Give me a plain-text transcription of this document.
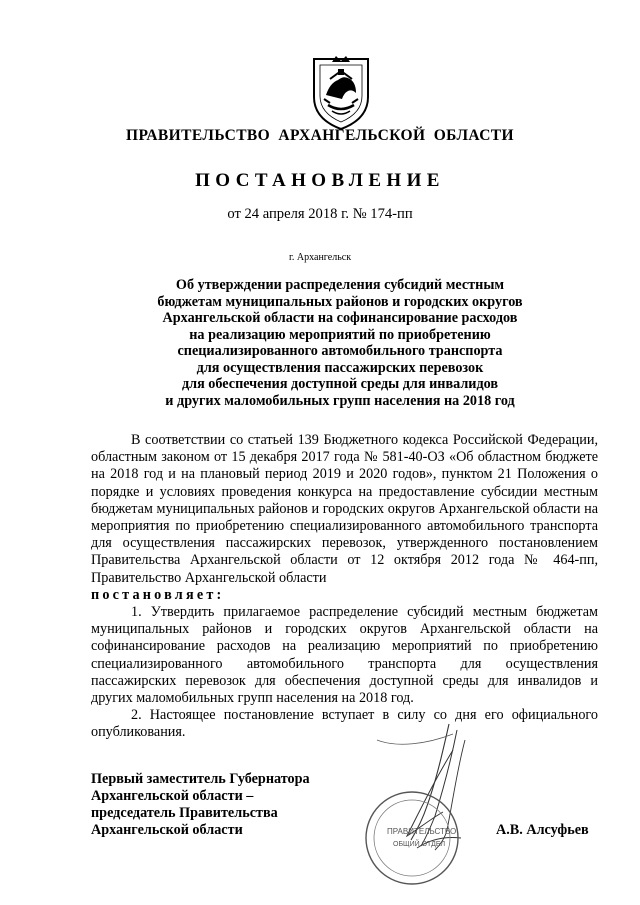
ПРАВИТЕЛЬСТВО АРХАНГЕЛЬСКОЙ ОБЛАСТИ
ПОСТАНОВЛЕНИЕ
от 24 апреля 2018 г. № 174-пп
г. Архангельск
Об утверждении распределения субсидий местным
бюджетам муниципальных районов и городских округов
Архангельской области на софинансирование расходов
на реализацию мероприятий по приобретению
специализированного автомобильного транспорта
для осуществления пассажирских перевозок
для обеспечения доступной среды для инвалидов
и других маломобильных групп населения на 2018 год

В соответствии со статьей 139 Бюджетного кодекса Российской Федерации, областным законом от 15 декабря 2017 года № 581-40-ОЗ «Об областном бюджете на 2018 год и на плановый период 2019 и 2020 годов», пунктом 21 Положения о порядке и условиях проведения конкурса на предоставление субсидии местным бюджетам муниципальных районов и городских округов Архангельской области на мероприятия по приобретению специализированного автомобильного транспорта для осуществления пассажирских перевозок, утвержденного постановлением Правительства Архангельской области от 12 октября 2012 года № 464-пп, Правительство Архангельской области
постановляет:

1. Утвердить прилагаемое распределение субсидий местным бюджетам муниципальных районов и городских округов Архангельской области на софинансирование расходов на реализацию мероприятий по приобретению специализированного автомобильного транспорта для осуществления пассажирских перевозок для обеспечения доступной среды для инвалидов и других маломобильных групп населения на 2018 год.

2. Настоящее постановление вступает в силу со дня его официального опубликования.

Первый заместитель Губернатора
Архангельской области –
председатель Правительства
Архангельской области	ПРАВИТЕЛЬСТВО
ОБЩИЙ ОТДЕЛ
А.В. Алсуфьев
